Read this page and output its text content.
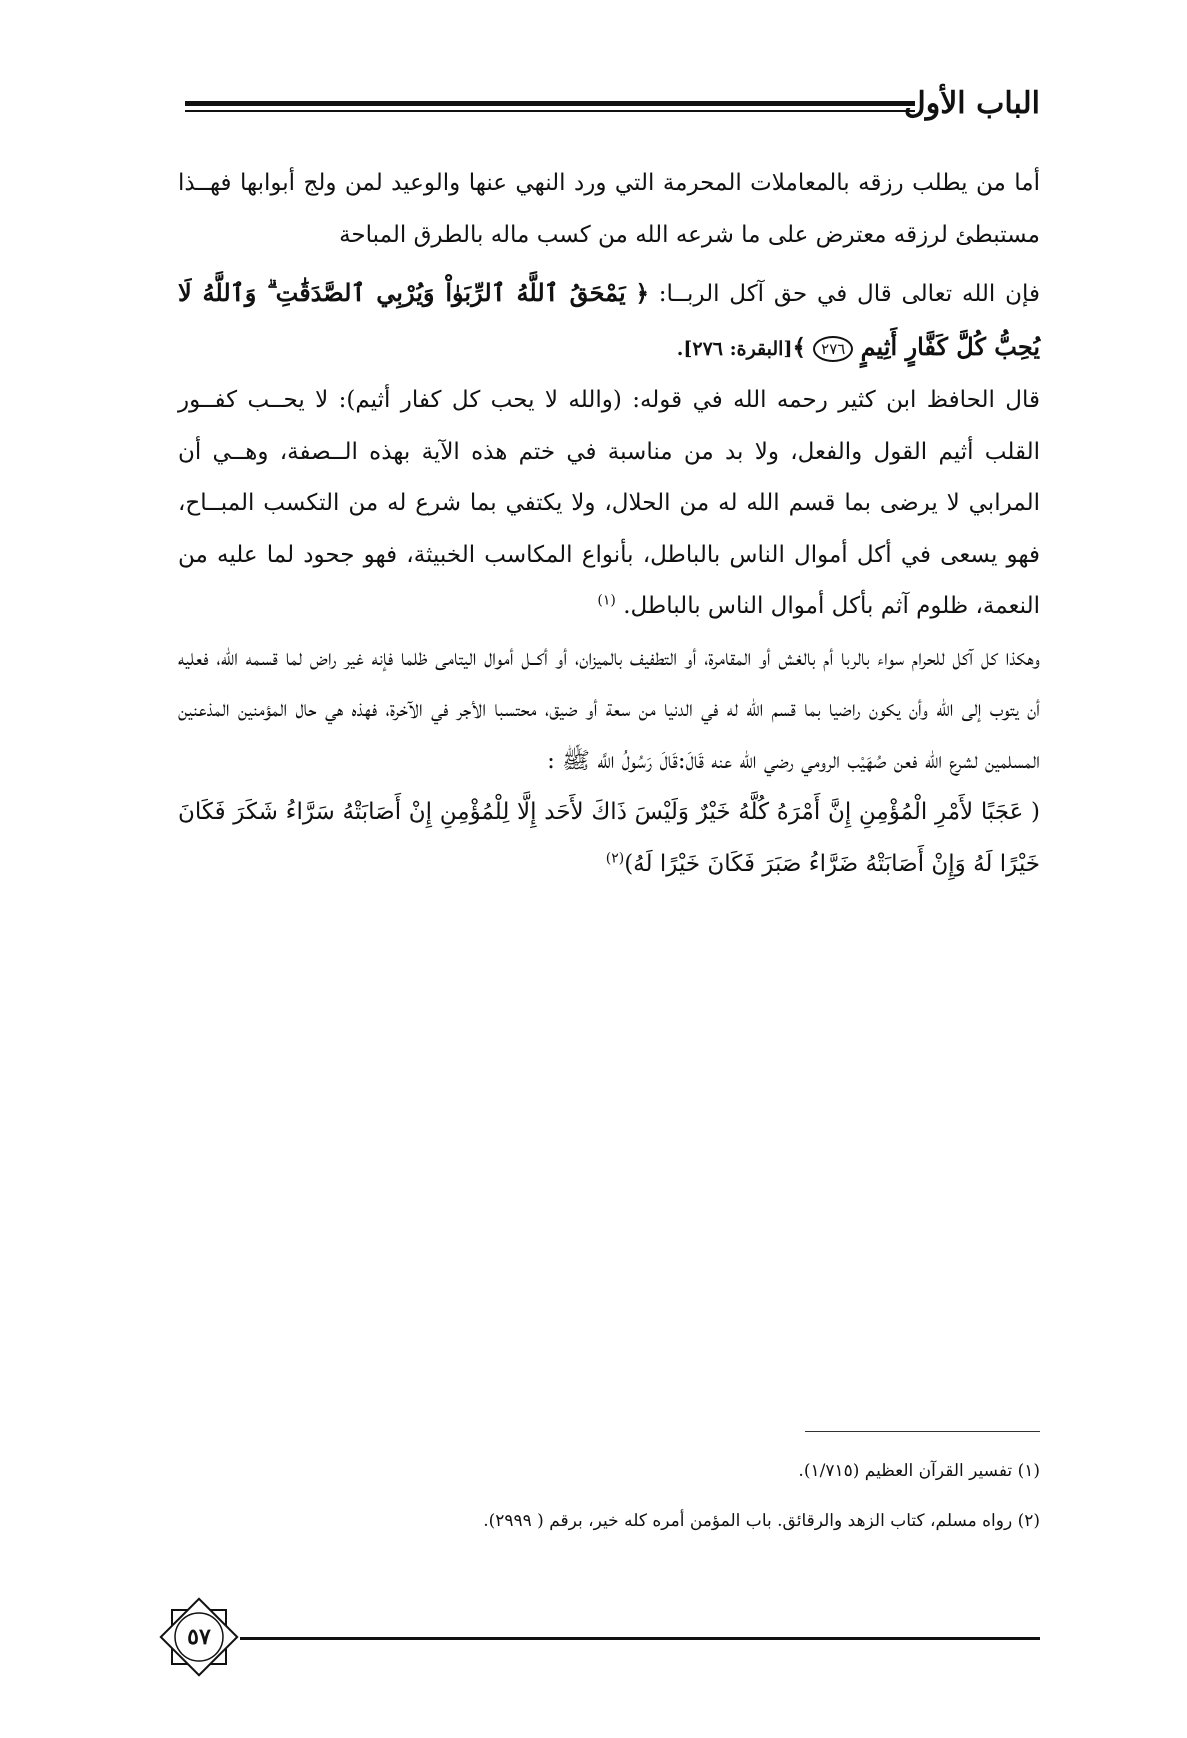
الباب الأول

أما من يطلب رزقه بالمعاملات المحرمة التي ورد النهي عنها والوعيد لمن ولج أبوابها فهــذا مستبطئ لرزقه معترض على ما شرعه الله من كسب ماله بالطرق المباحة

فإن الله تعالى قال في حق آكل الربــا: ﴿ يَمْحَقُ ٱللَّهُ ٱلرِّبَوٰاْ وَيُرْبِي ٱلصَّدَقَٰتِ ۗ وَٱللَّهُ لَا يُحِبُّ كُلَّ كَفَّارٍ أَثِيمٍ ٢٧٦ ﴾[البقرة: ٢٧٦].

قال الحافظ ابن كثير رحمه الله في قوله: (والله لا يحب كل كفار أثيم): لا يحــب كفــور القلب أثيم القول والفعل، ولا بد من مناسبة في ختم هذه الآية بهذه الــصفة، وهــي أن المرابي لا يرضى بما قسم الله له من الحلال، ولا يكتفي بما شرع له من التكسب المبــاح، فهو يسعى في أكل أموال الناس بالباطل، بأنواع المكاسب الخبيثة، فهو جحود لما عليه من النعمة، ظلوم آثم بأكل أموال الناس بالباطل. $^{(١)}$

وهكذا كل آكل للحرام سواء بالربا أم بالغش أو المقامرة، أو التطفيف بالميزان، أو أكــل أموال اليتامى ظلما فإنه غير راض لما قسمه الله، فعليه أن يتوب إلى الله وأن يكون راضيا بما قسم الله له في الدنيا من سعة أو ضيق، محتسبا الأجر في الآخرة، فهذه هي حال المؤمنين المذعنين المسلمين لشرع الله فعن صُهَيْب الرومي رضي الله عنه قَالَ:قَالَ رَسُولُ اللَّه ﷺ :

( عَجَبًا لأَمْرِ الْمُؤْمِنِ إِنَّ أَمْرَهُ كُلَّهُ خَيْرٌ وَلَيْسَ ذَاكَ لأَحَد إِلَّا لِلْمُؤْمِنِ إِنْ أَصَابَتْهُ سَرَّاءُ شَكَرَ فَكَانَ خَيْرًا لَهُ وَإِنْ أَصَابَتْهُ ضَرَّاءُ صَبَرَ فَكَانَ خَيْرًا لَهُ)$^{(٢)}$

(١) تفسير القرآن العظيم (١/٧١٥).

(٢) رواه مسلم، كتاب الزهد والرقائق. باب المؤمن أمره كله خير، برقم ( ٢٩٩٩).

٥٧
